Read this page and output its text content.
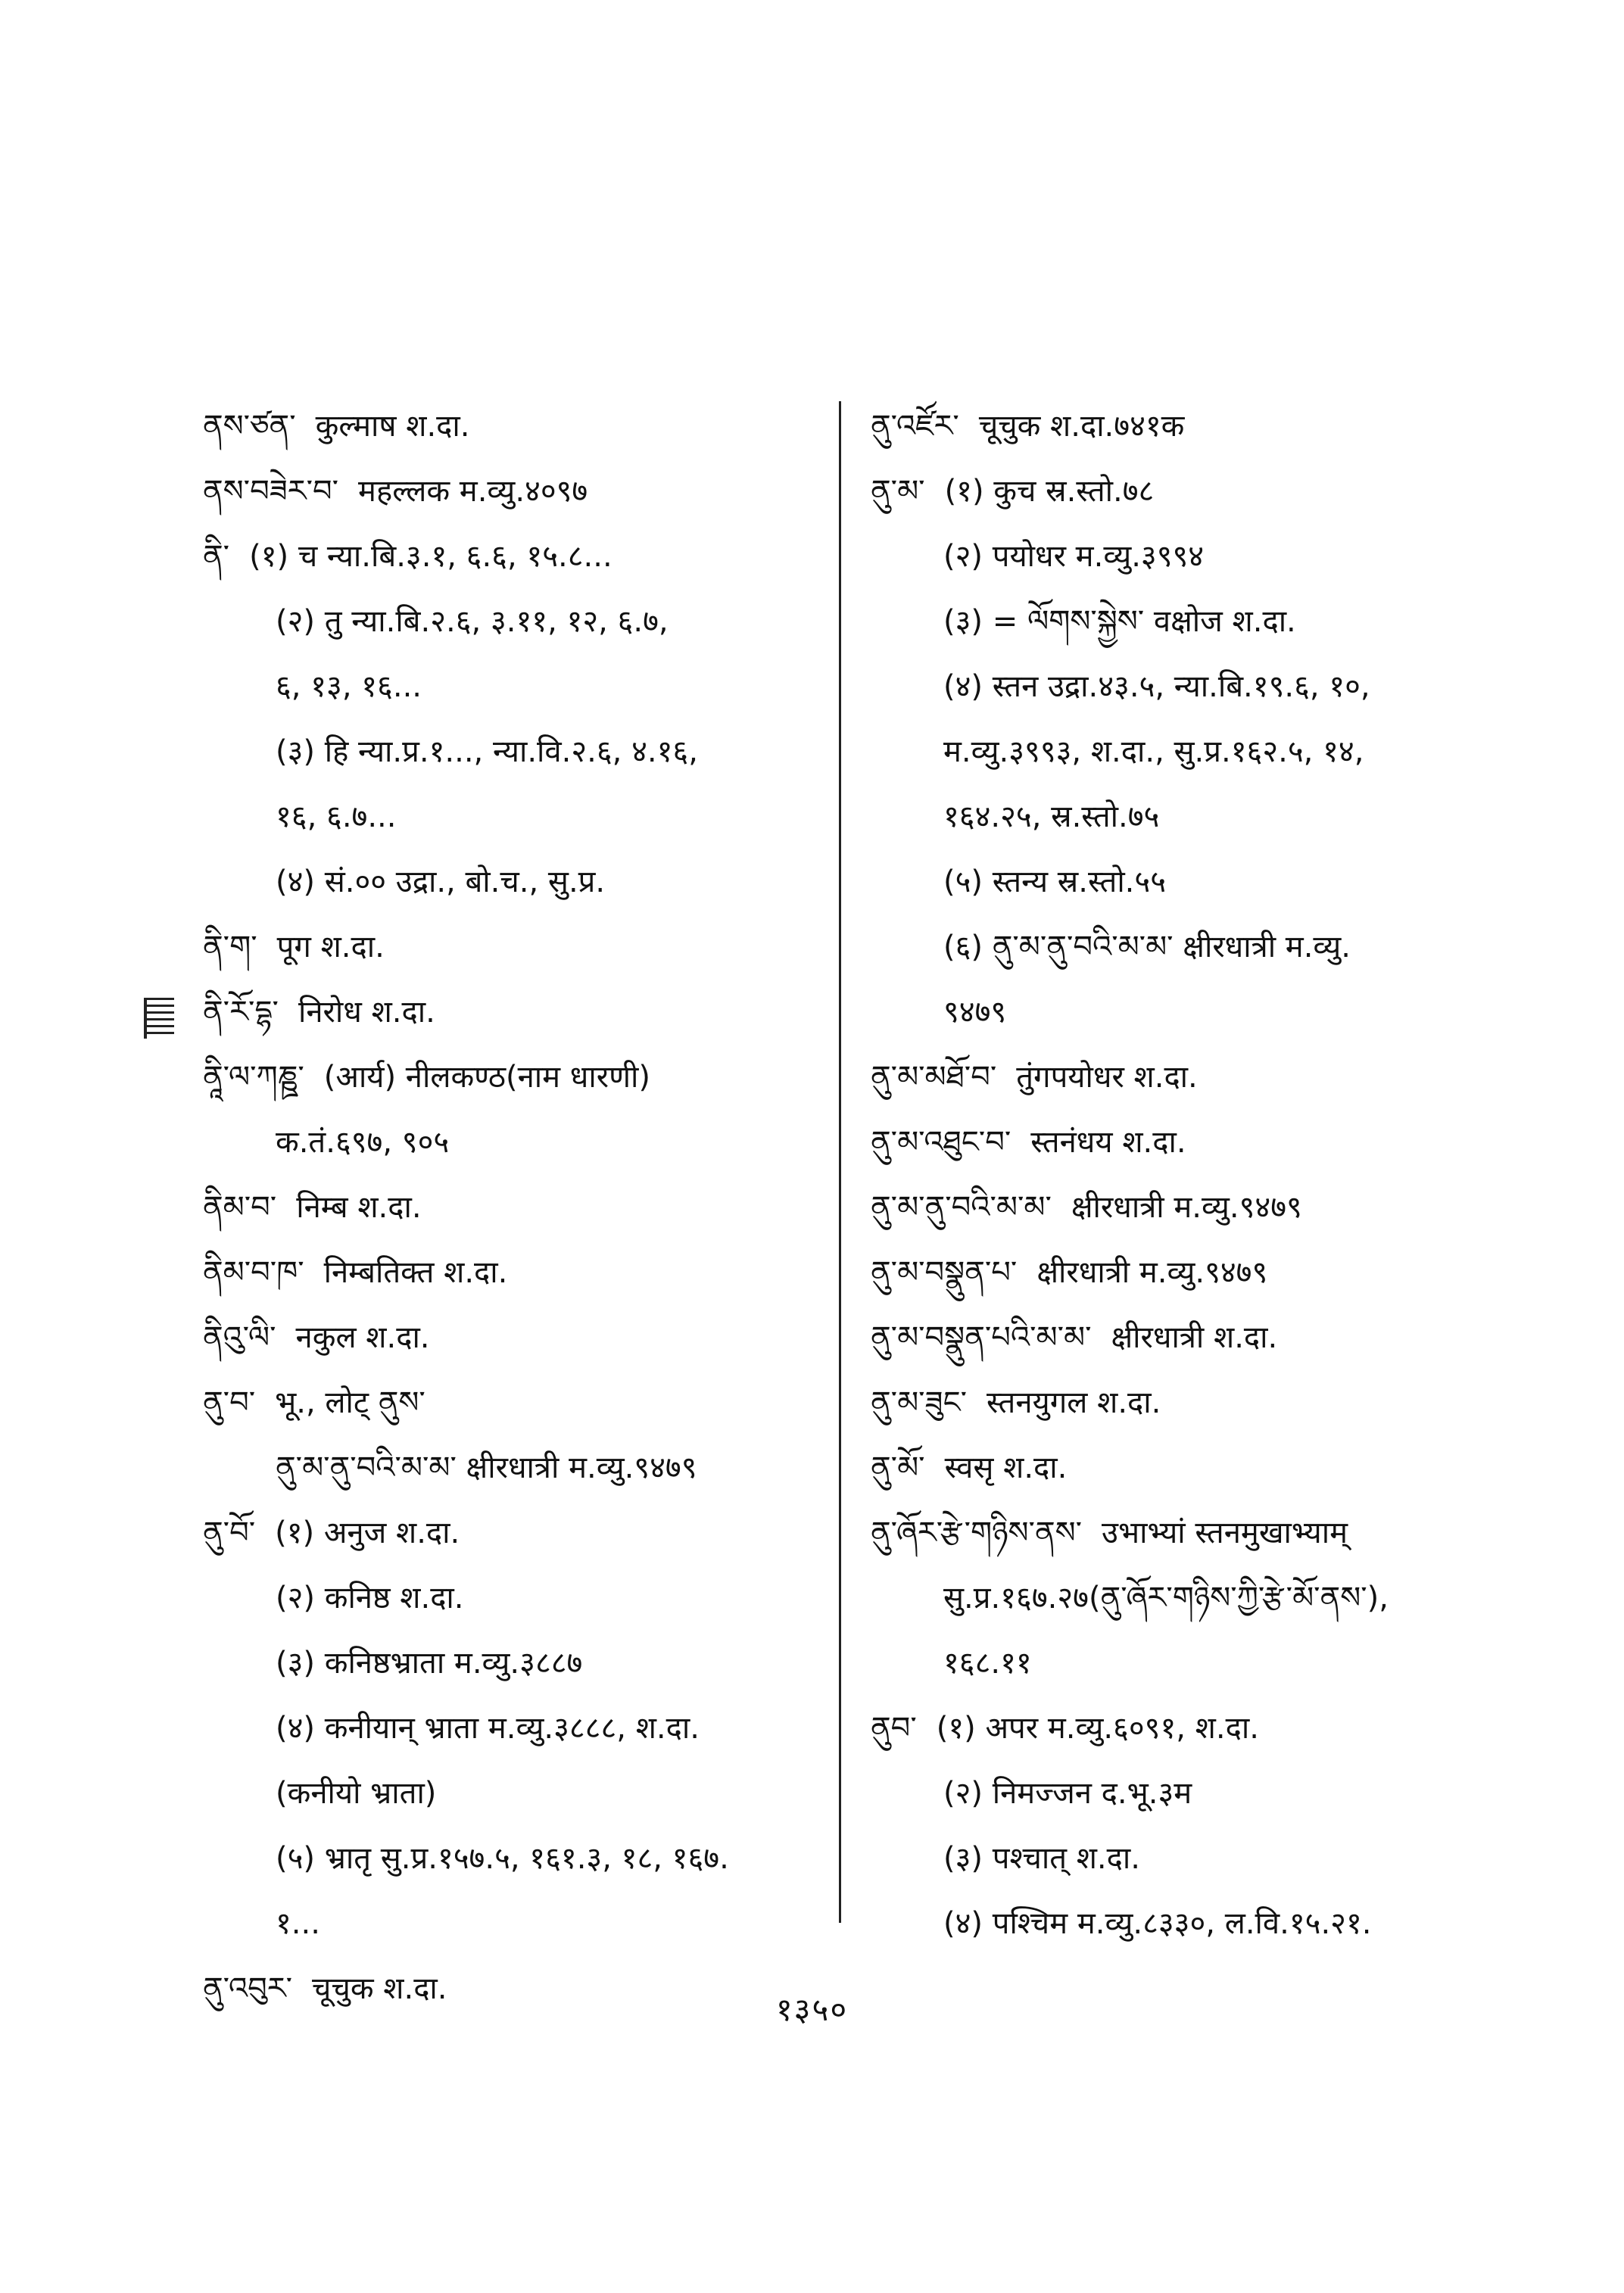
ནས་ཙན་ कुल्माष श.दा.
ནས་བཟེར་བ་ महल्लक म.व्यु.४०९७
ནི་ (१) च न्या.बि.३.१, ६.६, १५.८...
(२) तु न्या.बि.२.६, ३.११, १२, ६.७,
६, १३, १६...
(३) हि न्या.प्र.१..., न्या.वि.२.६, ४.१६,
१६, ६.७...
(४) सं.०० उद्रा., बो.च., सु.प्र.
ནི་ག་ पूग श.दा.
ནི་རོ་དྷ་ निरोध श.दा.
ནཱི་ལ་ཀཎྛ་ (आर्य) नीलकण्ठ(नाम धारणी)
क.तं.६९७, ९०५
ནིམ་བ་ निम्ब श.दा.
ནིམ་བ་ཁ་ निम्बतिक्त श.दा.
ནིའུ་ལི་ नकुल श.दा.
ནུ་བ་ भू., लोट् ནུས་
ནུ་མ་ནུ་བའི་མ་མ་ क्षीरधात्री म.व्यु.९४७९
ནུ་བོ་ (१) अनुज श.दा.
(२) कनिष्ठ श.दा.
(३) कनिष्ठभ्राता म.व्यु.३८८७
(४) कनीयान् भ्राता म.व्यु.३८८८, श.दा.
(कनीयो भ्राता)
(५) भ्रातृ सु.प्र.१५७.५, १६१.३, १८, १६७.
१...
ནུ་འབུར་ चूचुक श.दा.
ནུ་འཛོར་ चूचुक श.दा.७४१क
ནུ་མ་ (१) कुच स्र.स्तो.७८
(२) पयोधर म.व्यु.३९९४
(३) = ལོགས་སྐྱེས་ वक्षोज श.दा.
(४) स्तन उद्रा.४३.५, न्या.बि.१९.६, १०,
म.व्यु.३९९३, श.दा., सु.प्र.१६२.५, १४,
१६४.२५, स्र.स्तो.७५
(५) स्तन्य स्र.स्तो.५५
(६) ནུ་མ་ནུ་བའི་མ་མ་ क्षीरधात्री म.व्यु.
९४७९
ནུ་མ་མཐོ་བ་ तुंगपयोधर श.दा.
ནུ་མ་འཐུང་བ་ स्तनंधय श.दा.
ནུ་མ་ནུ་བའི་མ་མ་ क्षीरधात्री म.व्यु.९४७९
ནུ་མ་བསྣུན་པ་ क्षीरधात्री म.व्यु.९४७९
ནུ་མ་བསྣུན་པའི་མ་མ་ क्षीरधात्री श.दा.
ནུ་མ་ཟུང་ स्तनयुगल श.दा.
ནུ་མོ་ स्वसृ श.दा.
ནུ་ཞོར་རྩེ་གཉིས་ནས་ उभाभ्यां स्तनमुखाभ्याम्
सु.प्र.१६७.२७(ནུ་ཞོར་གཉིས་ཀྱི་རྩེ་མོ་ནས་),
१६८.११
ནུབ་ (१) अपर म.व्यु.६०९१, श.दा.
(२) निमज्जन द.भू.३म
(३) पश्चात् श.दा.
(४) पश्चिम म.व्यु.८३३०, ल.वि.१५.२१.
१३५०
